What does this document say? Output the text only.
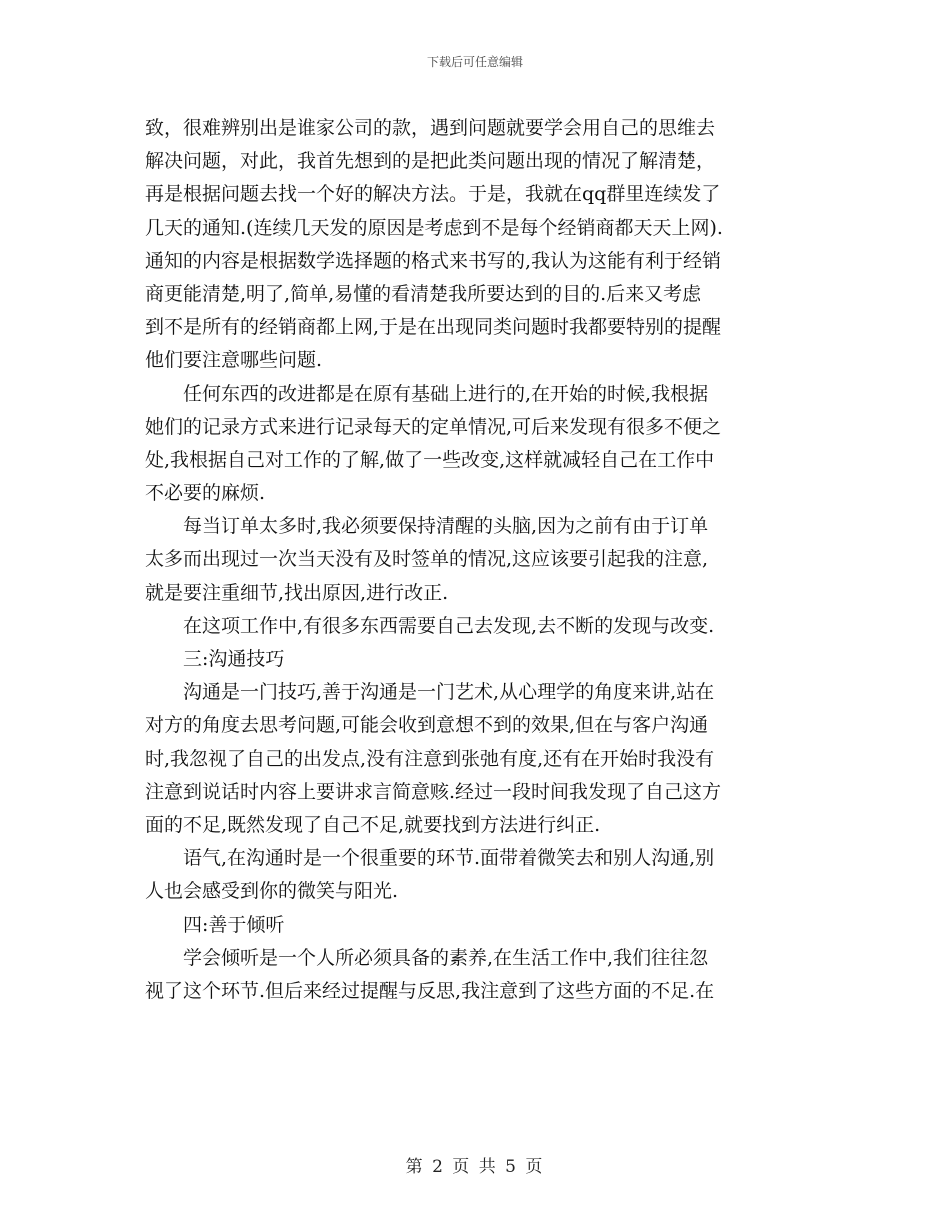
下载后可任意编辑
致，很难辨别出是谁家公司的款，遇到问题就要学会用自己的思维去
解决问题，对此，我首先想到的是把此类问题出现的情况了解清楚，
再是根据问题去找一个好的解决方法。于是，我就在qq群里连续发了
几天的通知.(连续几天发的原因是考虑到不是每个经销商都天天上网).
通知的内容是根据数学选择题的格式来书写的,我认为这能有利于经销
商更能清楚,明了,简单,易懂的看清楚我所要达到的目的.后来又考虑
到不是所有的经销商都上网,于是在出现同类问题时我都要特别的提醒
他们要注意哪些问题.
　　任何东西的改进都是在原有基础上进行的,在开始的时候,我根据
她们的记录方式来进行记录每天的定单情况,可后来发现有很多不便之
处,我根据自己对工作的了解,做了一些改变,这样就减轻自己在工作中
不必要的麻烦.
　　每当订单太多时,我必须要保持清醒的头脑,因为之前有由于订单
太多而出现过一次当天没有及时签单的情况,这应该要引起我的注意,
就是要注重细节,找出原因,进行改正.
　　在这项工作中,有很多东西需要自己去发现,去不断的发现与改变.
　　三:沟通技巧
　　沟通是一门技巧,善于沟通是一门艺术,从心理学的角度来讲,站在
对方的角度去思考问题,可能会收到意想不到的效果,但在与客户沟通
时,我忽视了自己的出发点,没有注意到张弛有度,还有在开始时我没有
注意到说话时内容上要讲求言简意赅.经过一段时间我发现了自己这方
面的不足,既然发现了自己不足,就要找到方法进行纠正.
　　语气,在沟通时是一个很重要的环节.面带着微笑去和别人沟通,别
人也会感受到你的微笑与阳光.
　　四:善于倾听
　　学会倾听是一个人所必须具备的素养,在生活工作中,我们往往忽
视了这个环节.但后来经过提醒与反思,我注意到了这些方面的不足.在
第 2 页 共 5 页
